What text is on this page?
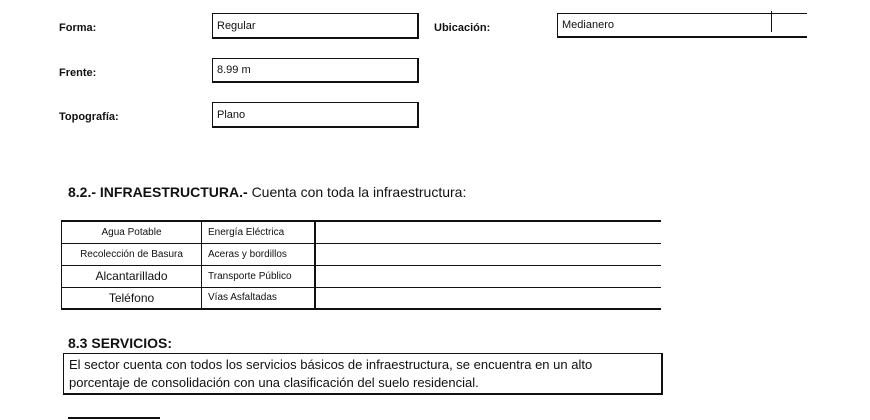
Forma:	Regular	Ubicación:	Medianero
Frente:	8.99 m
Topografía:	Plano
8.2.- INFRAESTRUCTURA.- Cuenta con toda la infraestructura:
Agua Potable	Energía Eléctrica	
Recolección de Basura	Aceras y bordillos	
Alcantarillado	Transporte Público	
Teléfono	Vías Asfaltadas	
8.3 SERVICIOS:
El sector cuenta con todos los servicios básicos de infraestructura, se encuentra en un alto porcentaje de consolidación con una clasificación del suelo residencial.
